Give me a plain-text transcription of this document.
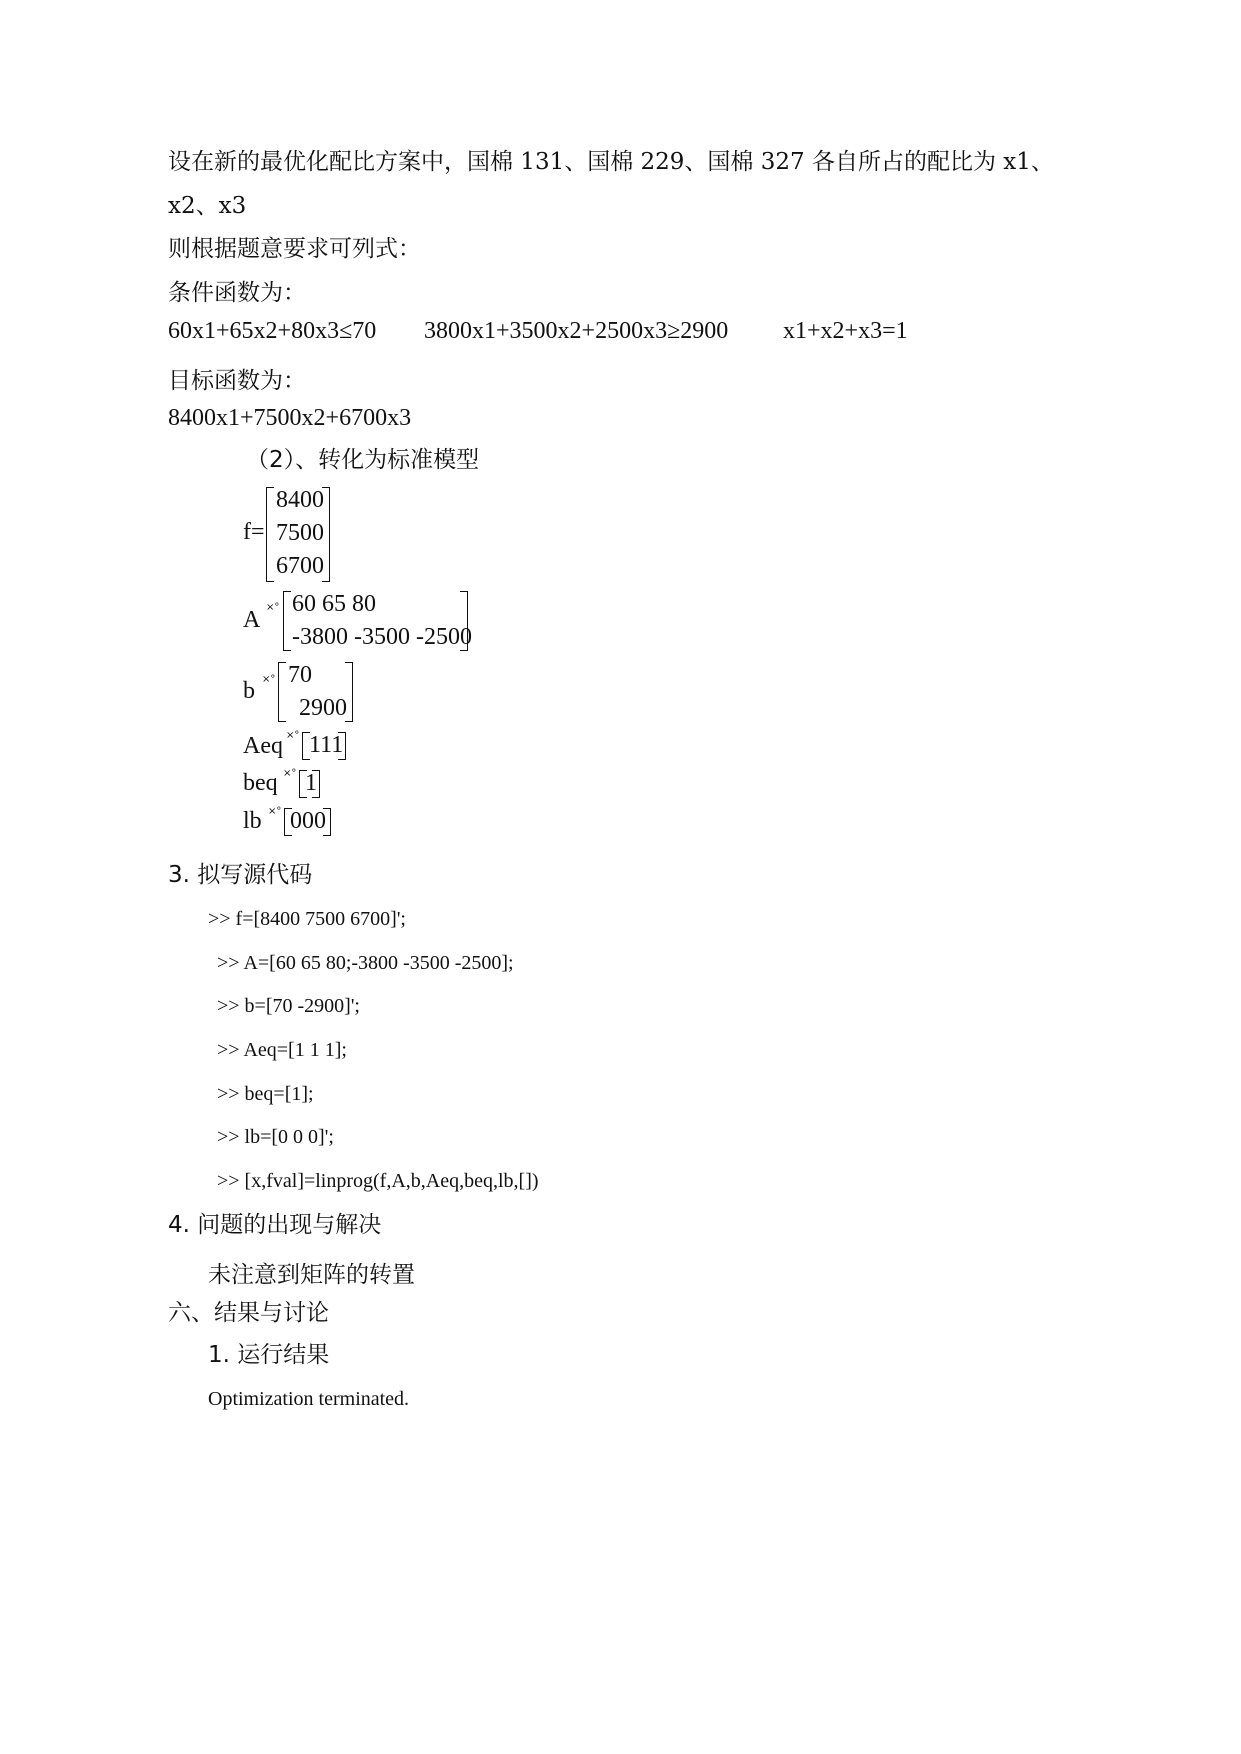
设在新的最优化配比方案中，国棉 131、国棉 229、国棉 327 各自所占的配比为 x1、
x2、x3
则根据题意要求可列式：
条件函数为：
60x1+65x2+80x3≤70 3800x1+3500x2+2500x3≥2900 x1+x2+x3=1
目标函数为：
8400x1+7500x2+6700x3
（2）、转化为标准模型
f=
8400
7500
6700
A ×° 60 65 80
-3800 -3500 -2500
b ×° 70
2900
Aeq ×° 111
beq ×° 1
lb ×° 000
3. 拟写源代码
>> f=[8400 7500 6700]';
>> A=[60 65 80;-3800 -3500 -2500];
>> b=[70 -2900]';
>> Aeq=[1 1 1];
>> beq=[1];
>> lb=[0 0 0]';
>> [x,fval]=linprog(f,A,b,Aeq,beq,lb,[])
4. 问题的出现与解决
未注意到矩阵的转置
六、结果与讨论
1. 运行结果
Optimization terminated.
